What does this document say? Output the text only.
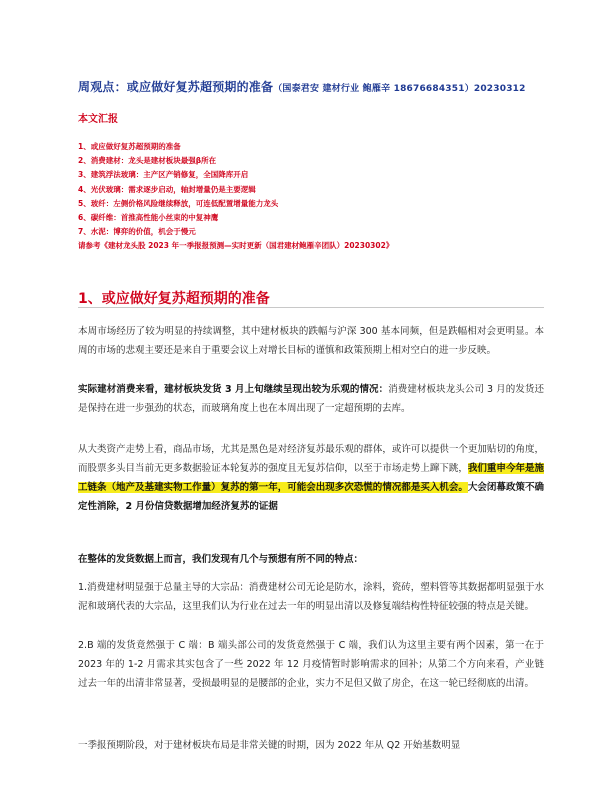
周观点：或应做好复苏超预期的准备（国泰君安 建材行业 鲍雁辛 18676684351）20230312
本文汇报
1、或应做好复苏超预期的准备
2、消费建材：龙头是建材板块最强β所在
3、建筑浮法玻璃：主产区产销修复，全国降库开启
4、光伏玻璃：需求逐步启动，轴封增量仍是主要逻辑
5、玻纤：左侧价格风险继续释放，可连低配置增量能力龙头
6、碳纤维：首推高性能小丝束的中复神鹰
7、水泥：博弈的价值，机会于慢元
请参考《建材龙头股 2023 年一季报报预测—实时更新（国君建材鲍雁辛团队）20230302》
1、或应做好复苏超预期的准备
本周市场经历了较为明显的持续调整，其中建材板块的跌幅与沪深 300 基本同频，但是跌幅相对会更明显。本周的市场的悲观主要还是来自于重要会议上对增长目标的谨慎和政策预期上相对空白的进一步反映。
实际建材消费来看，建材板块发货 3 月上旬继续呈现出较为乐观的情况：消费建材板块龙头公司 3 月的发货还是保持在进一步强劲的状态，而玻璃角度上也在本周出现了一定超预期的去库。
从大类资产走势上看，商品市场，尤其是黑色是对经济复苏最乐观的群体，或许可以提供一个更加贴切的角度，而股票多头目当前无更多数据验证本轮复苏的强度且无复苏信仰，以至于市场走势上蹿下跳，我们重申今年是施工链条（地产及基建实物工作量）复苏的第一年，可能会出现多次恐慌的情况都是买入机会。大会闭幕政策不确定性消除，2 月份信贷数据增加经济复苏的证据
在整体的发货数据上而言，我们发现有几个与预想有所不同的特点：
1.消费建材明显强于总量主导的大宗品：消费建材公司无论是防水，涂料，瓷砖，塑料管等其数据都明显强于水泥和玻璃代表的大宗品，这里我们认为行业在过去一年的明显出清以及修复端结构性特征较强的特点是关键。
2.B 端的发货竟然强于 C 端：B 端头部公司的发货竟然强于 C 端，我们认为这里主要有两个因素，第一在于 2023 年的 1-2 月需求其实包含了一些 2022 年 12 月疫情暂时影响需求的回补；从第二个方向来看，产业链过去一年的出清非常显著，受损最明显的是腰部的企业，实力不足但又做了房企，在这一轮已经彻底的出清。
一季报预期阶段，对于建材板块布局是非常关键的时期，因为 2022 年从 Q2 开始基数明显
